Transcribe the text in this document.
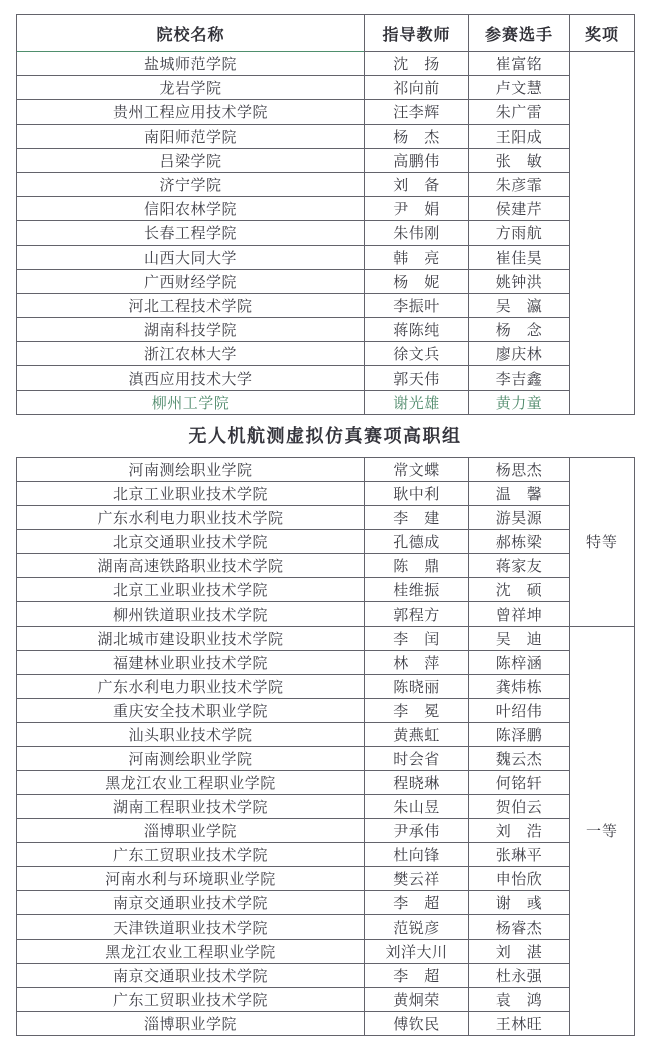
院校名称	指导教师	参赛选手	奖项
盐城师范学院	沈　扬	崔富铭	
龙岩学院	祁向前	卢文慧	
贵州工程应用技术学院	汪李辉	朱广雷	
南阳师范学院	杨　杰	王阳成	
吕梁学院	高鹏伟	张　敏	
济宁学院	刘　备	朱彦霏	
信阳农林学院	尹　娟	侯建芹	
长春工程学院	朱伟刚	方雨航	
山西大同大学	韩　亮	崔佳昊	
广西财经学院	杨　妮	姚钟洪	
河北工程技术学院	李振叶	吴　瀛	
湖南科技学院	蒋陈纯	杨　念	
浙江农林大学	徐文兵	廖庆林	
滇西应用技术大学	郭天伟	李吉鑫	
柳州工学院	谢光雄	黄力童	
无人机航测虚拟仿真赛项高职组
河南测绘职业学院	常文蝶	杨思杰	特等
北京工业职业技术学院	耿中利	温　馨	
广东水利电力职业技术学院	李　建	游昊源	
北京交通职业技术学院	孔德成	郝栋梁	
湖南高速铁路职业技术学院	陈　鼎	蒋家友	
北京工业职业技术学院	桂维振	沈　硕	
柳州铁道职业技术学院	郭程方	曾祥坤	
湖北城市建设职业技术学院	李　闰	吴　迪	一等
福建林业职业技术学院	林　萍	陈梓涵	
广东水利电力职业技术学院	陈晓丽	龚炜栋	
重庆安全技术职业学院	李　冕	叶绍伟	
汕头职业技术学院	黄燕虹	陈泽鹏	
河南测绘职业学院	时会省	魏云杰	
黑龙江农业工程职业学院	程晓琳	何铭轩	
湖南工程职业技术学院	朱山昱	贺伯云	
淄博职业学院	尹承伟	刘　浩	
广东工贸职业技术学院	杜向锋	张琳平	
河南水利与环境职业学院	樊云祥	申怡欣	
南京交通职业技术学院	李　超	谢　彧	
天津铁道职业技术学院	范锐彦	杨睿杰	
黑龙江农业工程职业学院	刘洋大川	刘　湛	
南京交通职业技术学院	李　超	杜永强	
广东工贸职业技术学院	黄炯荣	袁　鸿	
淄博职业学院	傅钦民	王林旺	
